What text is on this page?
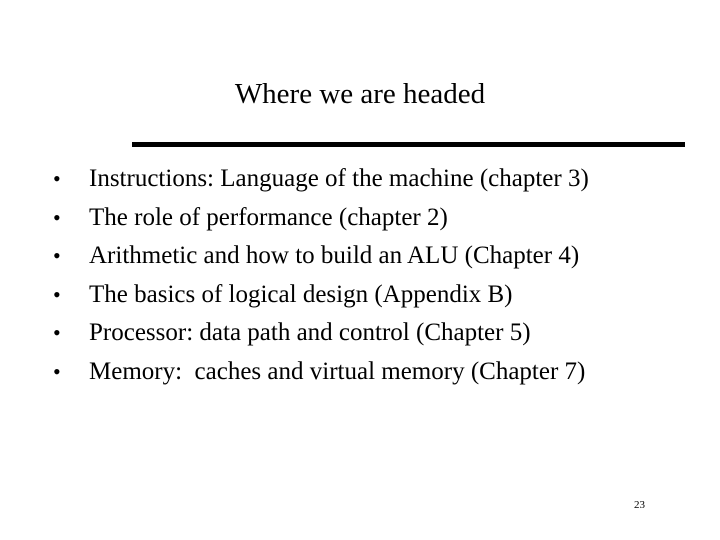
Where we are headed

•

	Instructions: Language of the machine (chapter 3)

•

	The role of performance (chapter 2)

•

	Arithmetic and how to build an ALU (Chapter 4)

•

	The basics of logical design (Appendix B)

•

	Processor: data path and control (Chapter 5)

•

	Memory:  caches and virtual memory (Chapter 7)

23
